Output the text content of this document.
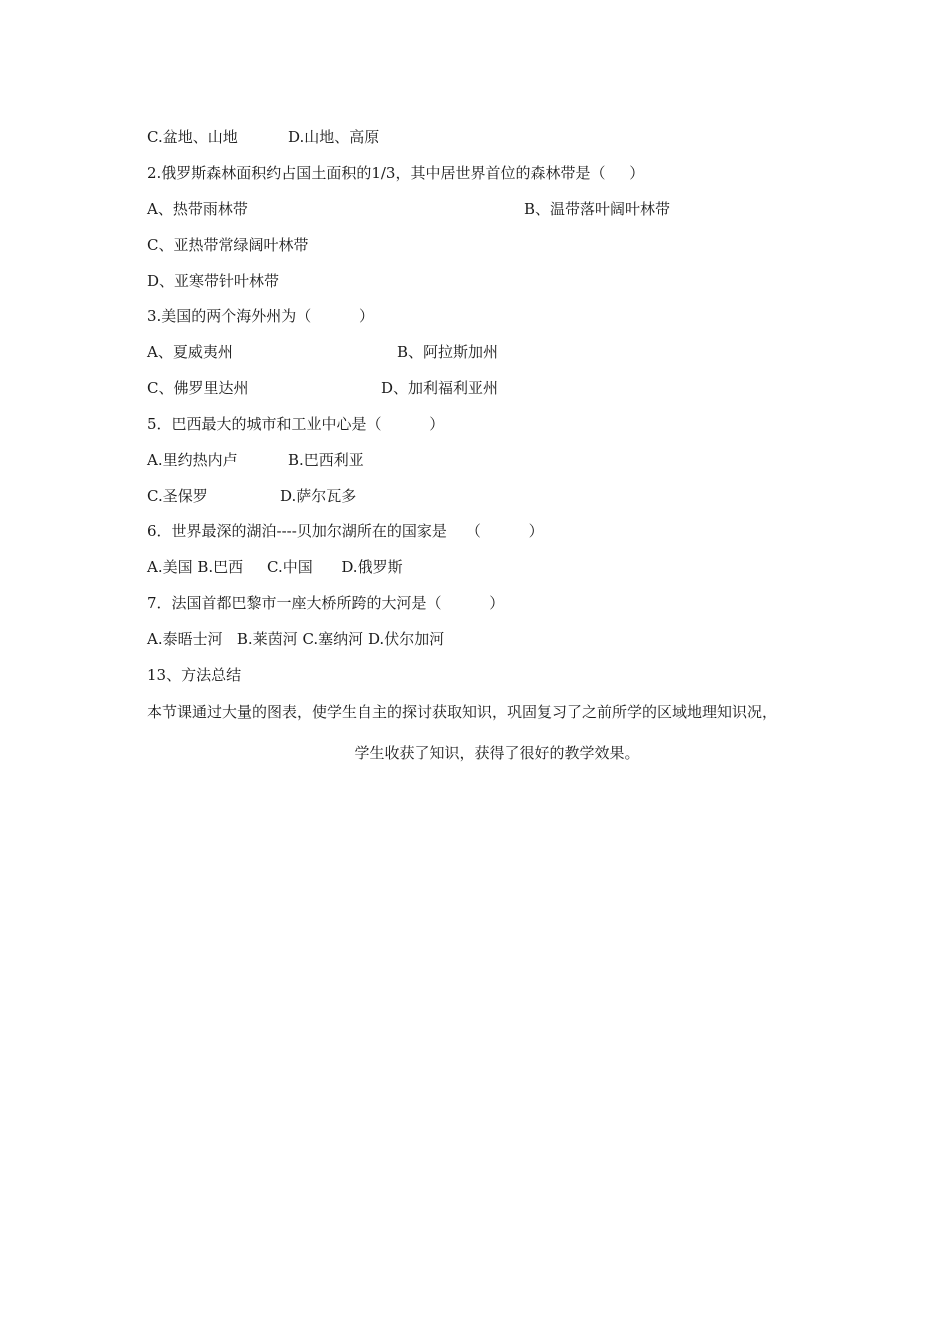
C.盆地、山地

	D.山地、高原

2.俄罗斯森林面积约占国土面积的1/3，其中居世界首位的森林带是（     ）

A、热带雨林带

	B、温带落叶阔叶林带

C、亚热带常绿阔叶林带
D、亚寒带针叶林带
3.美国的两个海外州为（          ）

A、夏威夷州

	B、阿拉斯加州

C、佛罗里达州

	D、加利福利亚州

5．巴西最大的城市和工业中心是（          ）

A.里约热内卢

	B.巴西利亚

C.圣保罗

	D.萨尔瓦多

6．世界最深的湖泊----贝加尔湖所在的国家是    （          ）
A.美国 B.巴西     C.中国      D.俄罗斯
7．法国首都巴黎市一座大桥所跨的大河是（          ）
A.泰晤士河   B.莱茵河 C.塞纳河 D.伏尔加河
13、方法总结
本节课通过大量的图表，使学生自主的探讨获取知识，巩固复习了之前所学的区域地理知识况，
学生收获了知识，获得了很好的教学效果。
